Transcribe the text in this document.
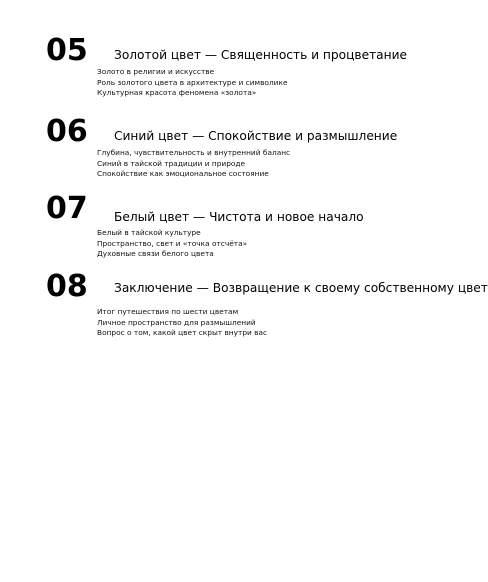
05 Золотой цвет — Священность и процветание
Золото в религии и искусстве
Роль золотого цвета в архитектуре и символике
Культурная красота феномена «золота»
06 Синий цвет — Спокойствие и размышление
Глубина, чувствительность и внутренний баланс
Синий в тайской традиции и природе
Спокойствие как эмоциональное состояние
07 Белый цвет — Чистота и новое начало
Белый в тайской культуре
Пространство, свет и «точка отсчёта»
Духовные связи белого цвета
08 Заключение — Возвращение к своему собственному цвет
Итог путешествия по шести цветам
Личное пространство для размышлений
Вопрос о том, какой цвет скрыт внутри вас
